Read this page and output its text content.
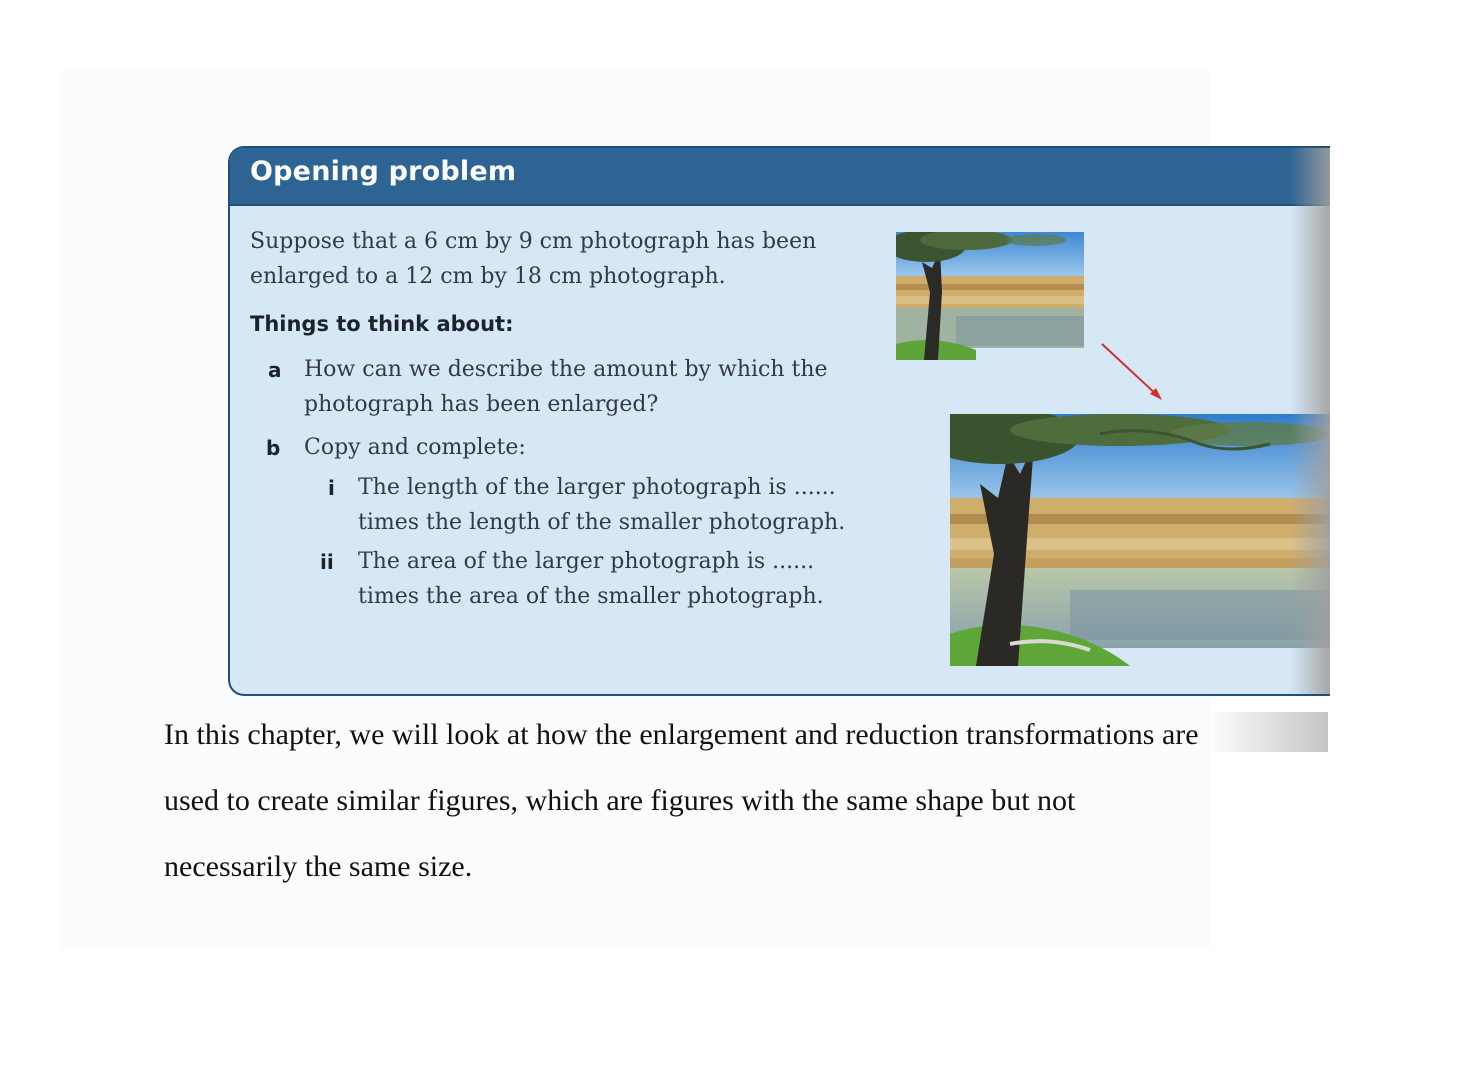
Opening problem
Suppose that a 6 cm by 9 cm photograph has been
enlarged to a 12 cm by 18 cm photograph.
Things to think about:
a How can we describe the amount by which the
photograph has been enlarged?
b Copy and complete:
i The length of the larger photograph is ......
times the length of the smaller photograph.
ii The area of the larger photograph is ......
times the area of the smaller photograph.
In this chapter, we will look at how the enlargement and reduction transformations are
used to create similar figures, which are figures with the same shape but not
necessarily the same size.
